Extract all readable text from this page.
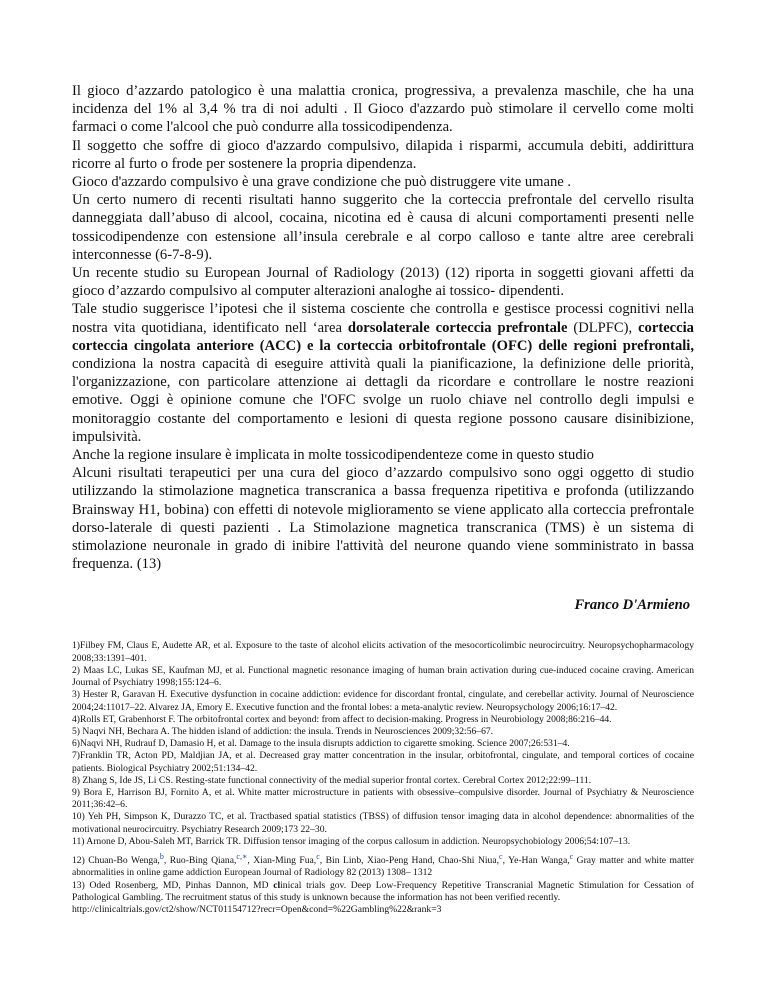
Il gioco d’azzardo patologico è una malattia cronica, progressiva, a prevalenza maschile, che ha una incidenza del 1% al 3,4 % tra di noi adulti . Il Gioco d'azzardo può stimolare il cervello come molti farmaci o come l'alcool che può condurre alla tossicodipendenza.

Il soggetto che soffre di gioco d'azzardo compulsivo, dilapida i risparmi, accumula debiti, addirittura ricorre al furto o frode per sostenere la propria dipendenza.

Gioco d'azzardo compulsivo è una grave condizione che può distruggere vite umane .

Un certo numero di recenti risultati hanno suggerito che la corteccia prefrontale del cervello risulta danneggiata dall’abuso di alcool, cocaina, nicotina ed è causa di alcuni comportamenti presenti nelle tossicodipendenze con estensione all’insula cerebrale e al corpo calloso e tante altre aree cerebrali interconnesse (6-7-8-9).

Un recente studio su European Journal of Radiology (2013) (12) riporta in soggetti giovani affetti da gioco d’azzardo compulsivo al computer alterazioni analoghe ai tossico- dipendenti.

Tale studio suggerisce l’ipotesi che il sistema cosciente che controlla e gestisce processi cognitivi nella nostra vita quotidiana, identificato nell ‘area dorsolaterale corteccia prefrontale (DLPFC), corteccia corteccia cingolata anteriore (ACC) e la corteccia orbitofrontale (OFC) delle regioni prefrontali, condiziona la nostra capacità di eseguire attività quali la pianificazione, la definizione delle priorità, l'organizzazione, con particolare attenzione ai dettagli da ricordare e controllare le nostre reazioni emotive. Oggi è opinione comune che l'OFC svolge un ruolo chiave nel controllo degli impulsi e monitoraggio costante del comportamento e lesioni di questa regione possono causare disinibizione, impulsività.

Anche la regione insulare è implicata in molte tossicodipendenteze come in questo studio

Alcuni risultati terapeutici per una cura del gioco d’azzardo compulsivo sono oggi oggetto di studio utilizzando la stimolazione magnetica transcranica a bassa frequenza ripetitiva e profonda (utilizzando Brainsway H1, bobina) con effetti di notevole miglioramento se viene applicato alla corteccia prefrontale dorso-laterale di questi pazienti . La Stimolazione magnetica transcranica (TMS) è un sistema di stimolazione neuronale in grado di inibire l'attività del neurone quando viene somministrato in bassa frequenza. (13)

Franco D'Armieno

1)Filbey FM, Claus E, Audette AR, et al. Exposure to the taste of alcohol elicits activation of the mesocorticolimbic neurocircuitry. Neuropsychopharmacology 2008;33:1391–401.

2) Maas LC, Lukas SE, Kaufman MJ, et al. Functional magnetic resonance imaging of human brain activation during cue-induced cocaine craving. American Journal of Psychiatry 1998;155:124–6.

3) Hester R, Garavan H. Executive dysfunction in cocaine addiction: evidence for discordant frontal, cingulate, and cerebellar activity. Journal of Neuroscience 2004;24:11017–22. Alvarez JA, Emory E. Executive function and the frontal lobes: a meta-analytic review. Neuropsychology 2006;16:17–42.

4)Rolls ET, Grabenhorst F. The orbitofrontal cortex and beyond: from affect to decision-making. Progress in Neurobiology 2008;86:216–44.

5) Naqvi NH, Bechara A. The hidden island of addiction: the insula. Trends in Neurosciences 2009;32:56–67.

6)Naqvi NH, Rudrauf D, Damasio H, et al. Damage to the insula disrupts addiction to cigarette smoking. Science 2007;26:531–4.

7)Franklin TR, Acton PD, Maldjian JA, et al. Decreased gray matter concentration in the insular, orbitofrontal, cingulate, and temporal cortices of cocaine patients. Biological Psychiatry 2002;51:134–42.

8) Zhang S, Ide JS, Li CS. Resting-state functional connectivity of the medial superior frontal cortex. Cerebral Cortex 2012;22:99–111.

9) Bora E, Harrison BJ, Fornito A, et al. White matter microstructure in patients with obsessive–compulsive disorder. Journal of Psychiatry & Neuroscience 2011;36:42–6.

10) Yeh PH, Simpson K, Durazzo TC, et al. Tractbased spatial statistics (TBSS) of diffusion tensor imaging data in alcohol dependence: abnormalities of the motivational neurocircuitry. Psychiatry Research 2009;173 22–30.

11) Arnone D, Abou-Saleh MT, Barrick TR. Diffusion tensor imaging of the corpus callosum in addiction. Neuropsychobiology 2006;54:107–13.

12) Chuan-Bo Wenga,$^b$, Ruo-Bing Qiana,$^{c,∗}$, Xian-Ming Fua,$^c$, Bin Linb, Xiao-Peng Hand, Chao-Shi Niua,$^c$, Ye-Han Wanga,$^c$ Gray matter and white matter abnormalities in online game addiction European Journal of Radiology 82 (2013) 1308– 1312

13) Oded Rosenberg, MD, Pinhas Dannon, MD clinical trials gov. Deep Low-Frequency Repetitive Transcranial Magnetic Stimulation for Cessation of Pathological Gambling. The recruitment status of this study is unknown because the information has not been verified recently.

http://clinicaltrials.gov/ct2/show/NCT01154712?recr=Open&cond=%22Gambling%22&rank=3
